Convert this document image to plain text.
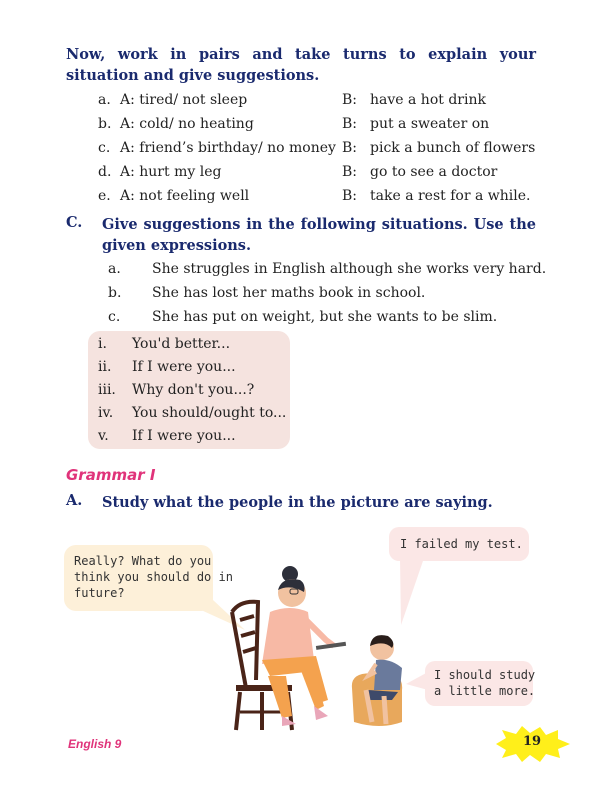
Now, work in pairs and take turns to explain your situation and give suggestions.
a. A: tired/ not sleep	B: have a hot drink
b. A: cold/ no heating	B: put a sweater on
c. A: friend’s birthday/ no money B: pick a bunch of flowers
d. A: hurt my leg	B: go to see a doctor
e. A: not feeling well	B: take a rest for a while.
C. Give suggestions in the following situations. Use the given expressions.
a. She struggles in English although she works very hard.
b. She has lost her maths book in school.
c. She has put on weight, but she wants to be slim.
i. You'd better...
ii. If I were you...
iii. Why don't you...?
iv. You should/ought to...
v. If I were you...
Grammar I
A. Study what the people in the picture are saying.
Really? What do you
think you should do in
future?
I failed my test.
I should study
a little more.
English 9	19
